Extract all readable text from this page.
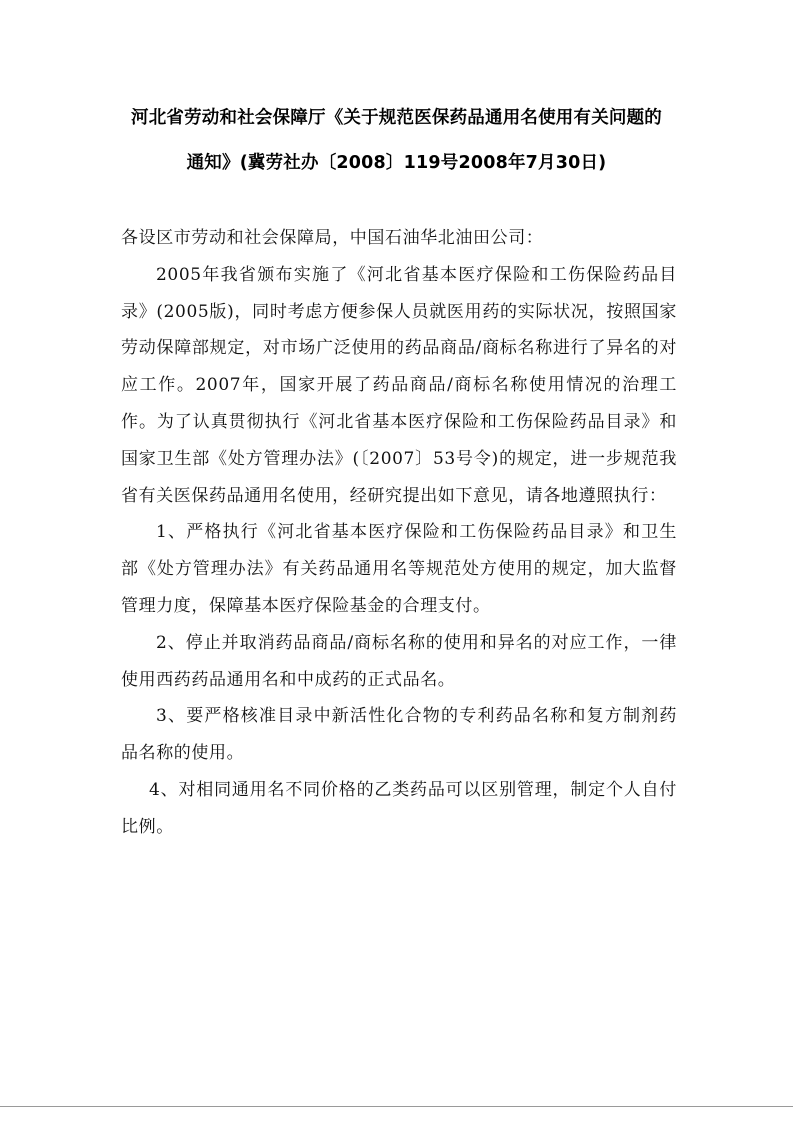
河北省劳动和社会保障厅《关于规范医保药品通用名使用有关问题的
通知》(冀劳社办〔2008〕119号2008年7月30日)

各设区市劳动和社会保障局，中国石油华北油田公司：

2005年我省颁布实施了《河北省基本医疗保险和工伤保险药品目录》(2005版)，同时考虑方便参保人员就医用药的实际状况，按照国家劳动保障部规定，对市场广泛使用的药品商品/商标名称进行了异名的对应工作。2007年，国家开展了药品商品/商标名称使用情况的治理工作。为了认真贯彻执行《河北省基本医疗保险和工伤保险药品目录》和国家卫生部《处方管理办法》(〔2007〕53号令)的规定，进一步规范我省有关医保药品通用名使用，经研究提出如下意见，请各地遵照执行：

1、严格执行《河北省基本医疗保险和工伤保险药品目录》和卫生部《处方管理办法》有关药品通用名等规范处方使用的规定，加大监督管理力度，保障基本医疗保险基金的合理支付。

2、停止并取消药品商品/商标名称的使用和异名的对应工作，一律使用西药药品通用名和中成药的正式品名。

3、要严格核准目录中新活性化合物的专利药品名称和复方制剂药品名称的使用。

4、对相同通用名不同价格的乙类药品可以区别管理，制定个人自付比例。
